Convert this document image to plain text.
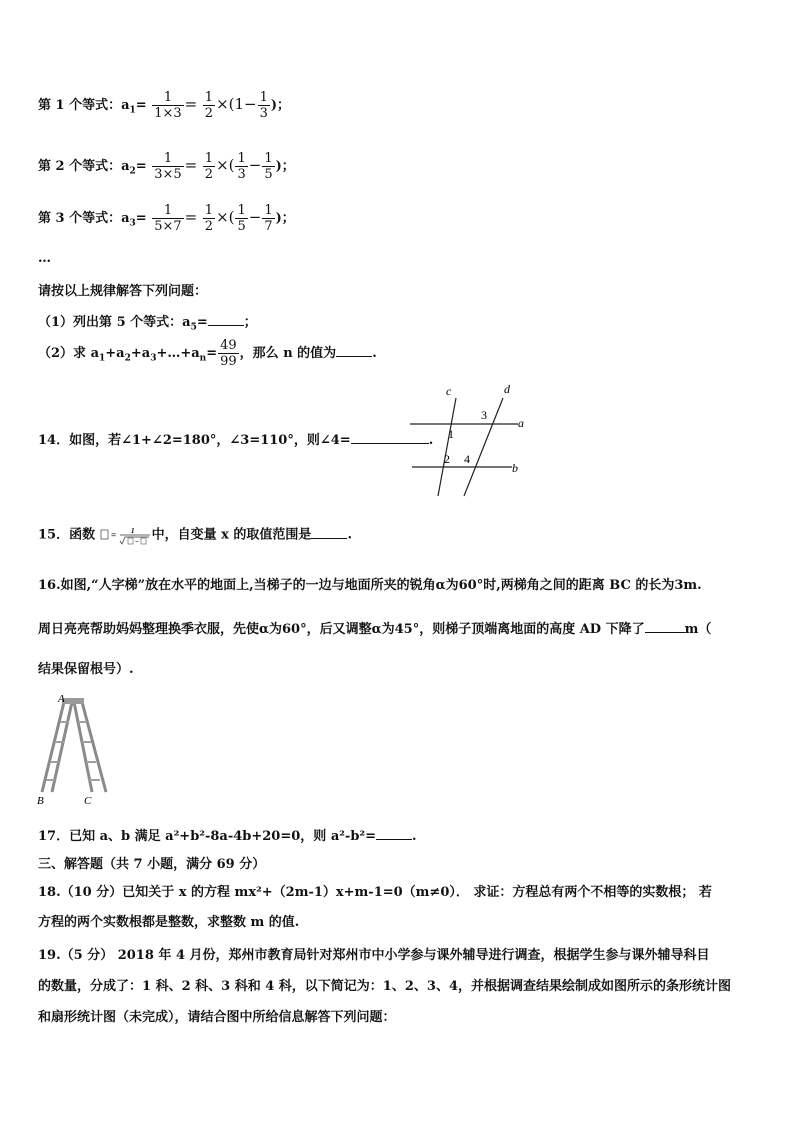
第 1 个等式：$a_1= \frac{1}{1\times 3} = \frac{1}{2} \times(1- \frac{1}{3}$ )；
第 2 个等式：$a_2= \frac{1}{3\times 5} = \frac{1}{2}$ ×( $\frac{1}{3} - \frac{1}{5}$ )；
第 3 个等式：$a_3= \frac{1}{5\times 7} = \frac{1}{2}$ ×( $\frac{1}{5} - \frac{1}{7}$ )；
…
请按以上规律解答下列问题：
（1）列出第 5 个等式：$a_5=$	；
（2）求 $a_1+a_2+a_3+\dots+a_n= \frac{49}{99}$ ，那么 n 的值为	.
14．如图，若∠1+∠2=180°，∠3=110°，则∠4=	.
c	d
a
b
1
2
3
4
15．函数 = 1
− 中，自变量 x 的取值范围是	.
16.如图,“人字梯”放在水平的地面上,当梯子的一边与地面所夹的锐角α为60°时,两梯角之间的距离 BC 的长为3m.
周日亮亮帮助妈妈整理换季衣服，先使α为60°，后又调整α为45°，则梯子顶端离地面的高度 AD 下降了	m（
结果保留根号）.
A
B	C
17．已知 a、b 满足 a²+b²-8a-4b+20=0，则 a²-b²=	.
三、解答题（共 7 小题，满分 69 分）
18.（10 分）已知关于 x 的方程 mx²+（2m-1）x+m-1=0（m≠0）． 求证：方程总有两个不相等的实数根； 若
方程的两个实数根都是整数，求整数 m 的值.
19.（5 分） 2018 年 4 月份，郑州市教育局针对郑州市中小学参与课外辅导进行调查，根据学生参与课外辅导科目
的数量，分成了：1 科、2 科、3 科和 4 科，以下简记为：1、2、3、4，并根据调查结果绘制成如图所示的条形统计图
和扇形统计图（未完成），请结合图中所给信息解答下列问题：
